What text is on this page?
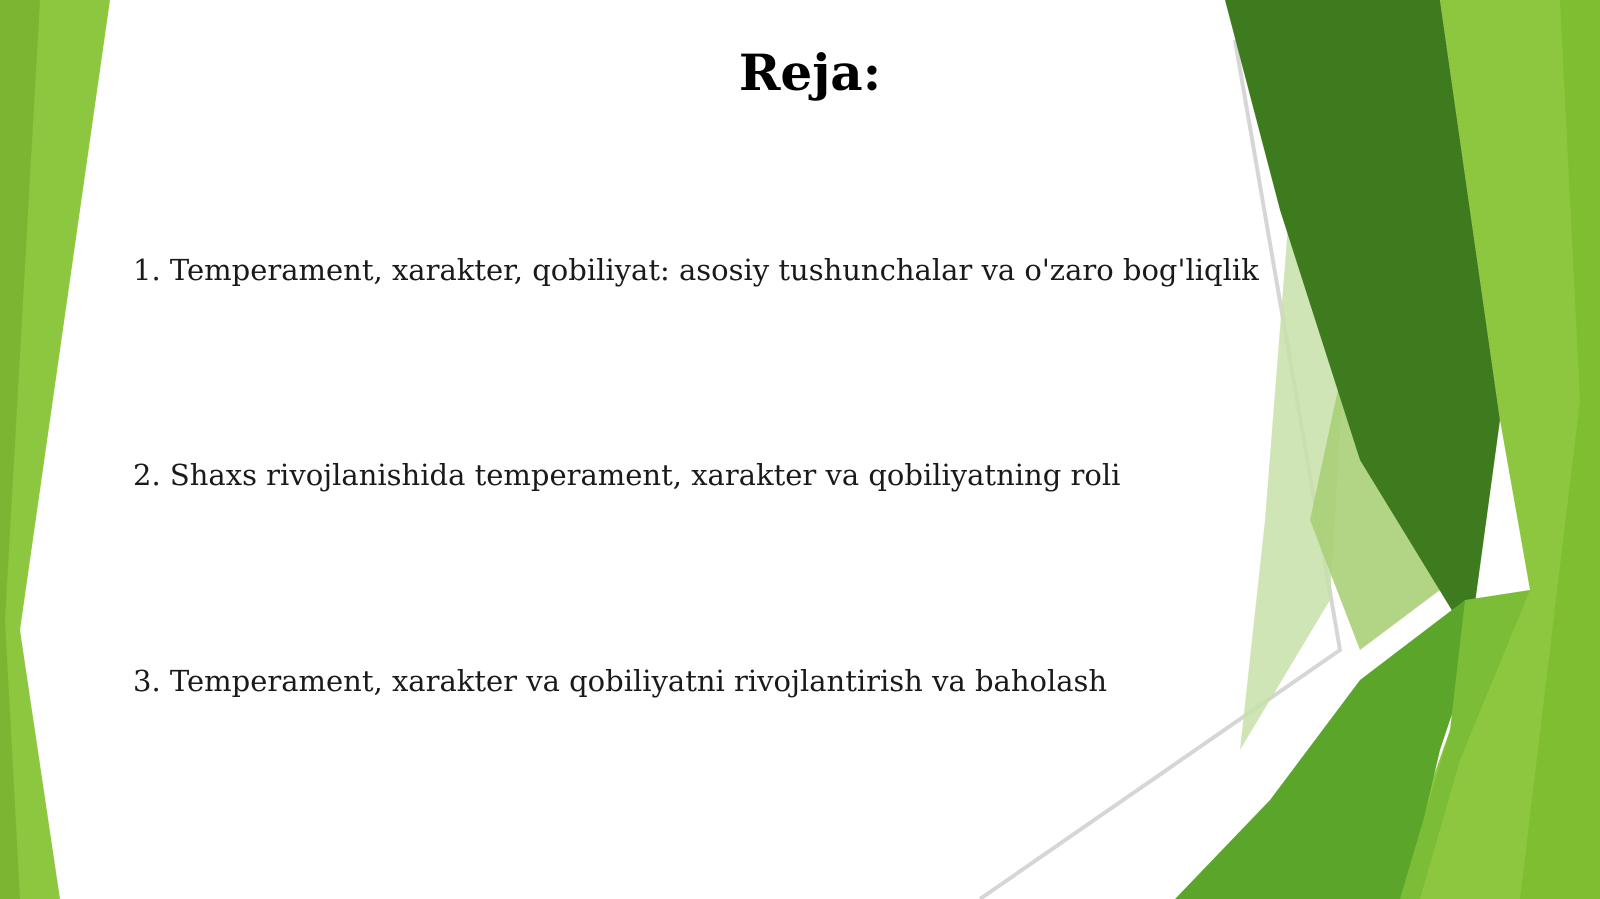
Reja:
1. Temperament, xarakter, qobiliyat: asosiy tushunchalar va o'zaro bog'liqlik
2. Shaxs rivojlanishida temperament, xarakter va qobiliyatning roli
3. Temperament, xarakter va qobiliyatni rivojlantirish va baholash
